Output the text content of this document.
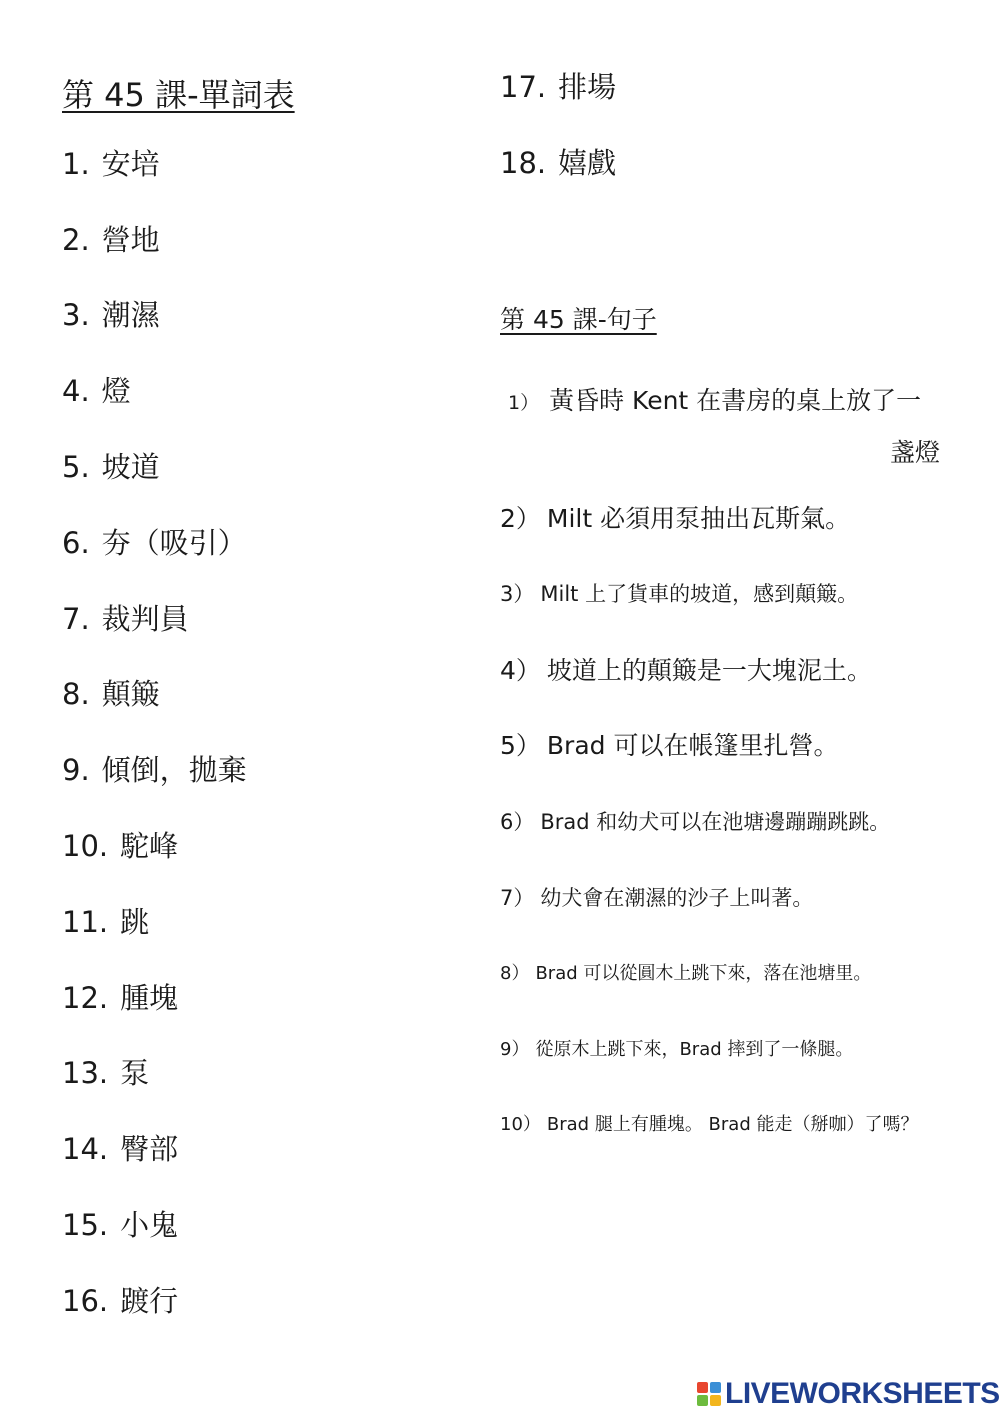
第 45 課-單詞表
1. 安培
2. 營地
3. 潮濕
4. 燈
5. 坡道
6. 夯（吸引）
7. 裁判員
8. 顛簸
9. 傾倒，拋棄
10. 駝峰
11. 跳
12. 腫塊
13. 泵
14. 臀部
15. 小鬼
16. 踱行
17. 排場
18. 嬉戲
第 45 課-句子
1） 黃昏時 Kent 在書房的桌上放了一
盞燈
2） Milt 必須用泵抽出瓦斯氣。
3） Milt 上了貨車的坡道，感到顛簸。
4） 坡道上的顛簸是一大塊泥土。
5） Brad 可以在帳篷里扎營。
6） Brad 和幼犬可以在池塘邊蹦蹦跳跳。
7） 幼犬會在潮濕的沙子上叫著。
8） Brad 可以從圓木上跳下來，落在池塘里。
9） 從原木上跳下來，Brad 摔到了一條腿。
10） Brad 腿上有腫塊。 Brad 能走（掰咖）了嗎？
LIVEWORKSHEETS
